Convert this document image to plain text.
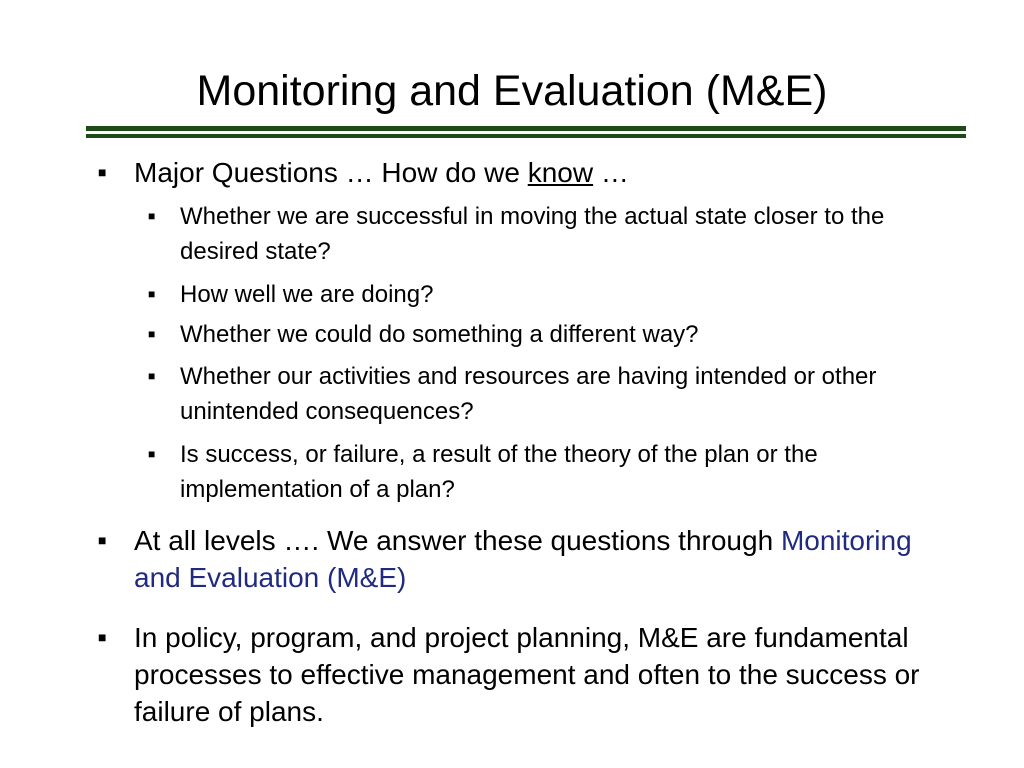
Monitoring and Evaluation (M&E)
■ Major Questions … How do we know …
■ Whether we are successful in moving the actual state closer to the desired state?
■ How well we are doing?
■ Whether we could do something a different way?
■ Whether our activities and resources are having intended or other unintended consequences?
■ Is success, or failure, a result of the theory of the plan or the implementation of a plan?
■ At all levels …. We answer these questions through Monitoring and Evaluation (M&E)
■ In policy, program, and project planning, M&E are fundamental processes to effective management and often to the success or failure of plans.
